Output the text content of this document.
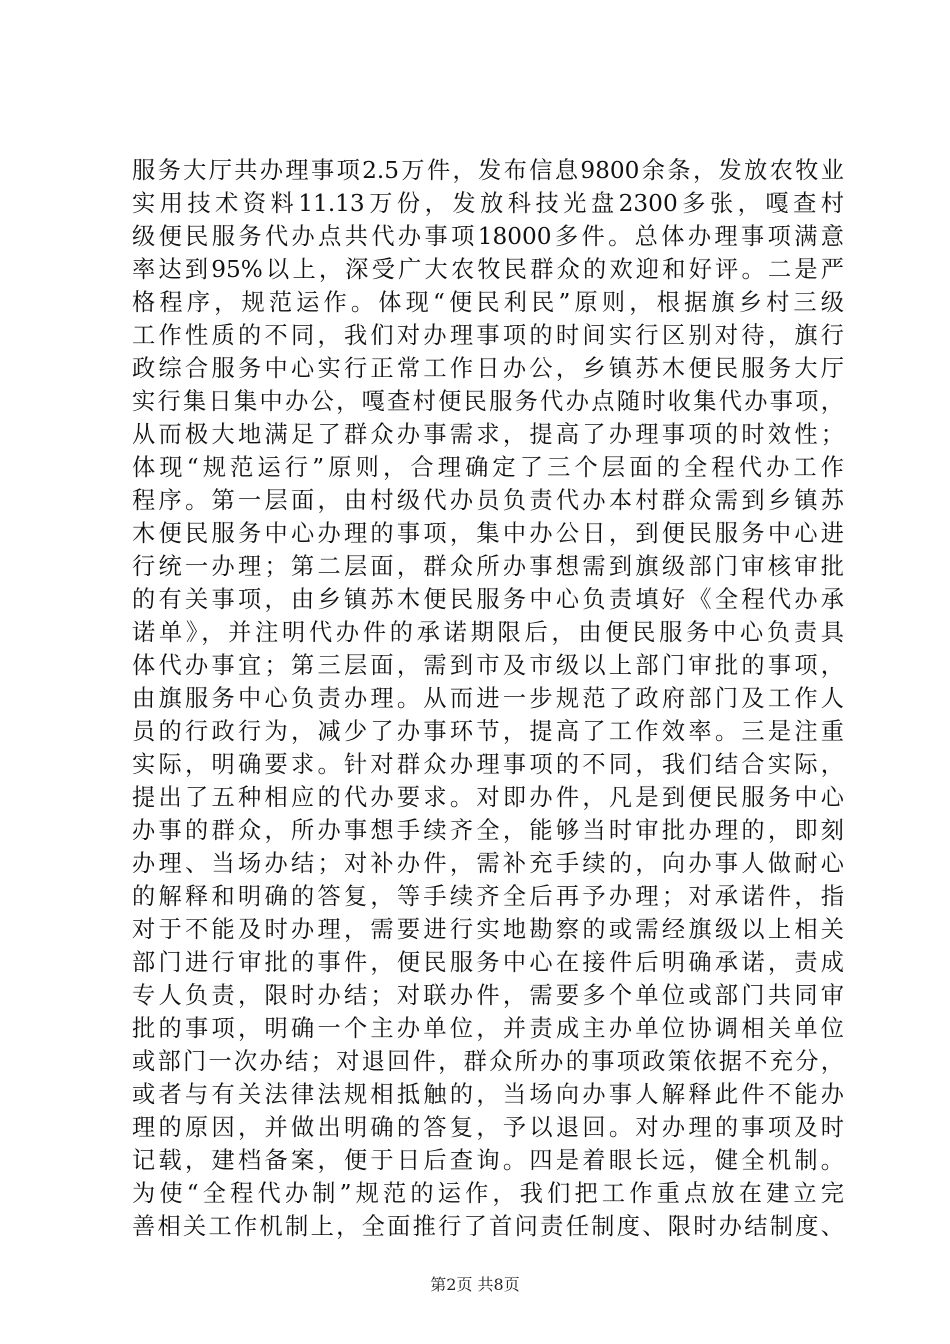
服务大厅共办理事项2.5万件，发布信息9800余条，发放农牧业
实用技术资料11.13万份，发放科技光盘2300多张，嘎查村
级便民服务代办点共代办事项18000多件。总体办理事项满意
率达到95%以上，深受广大农牧民群众的欢迎和好评。二是严
格程序，规范运作。体现“便民利民”原则，根据旗乡村三级
工作性质的不同，我们对办理事项的时间实行区别对待，旗行
政综合服务中心实行正常工作日办公，乡镇苏木便民服务大厅
实行集日集中办公，嘎查村便民服务代办点随时收集代办事项，
从而极大地满足了群众办事需求，提高了办理事项的时效性；
体现“规范运行”原则，合理确定了三个层面的全程代办工作
程序。第一层面，由村级代办员负责代办本村群众需到乡镇苏
木便民服务中心办理的事项，集中办公日，到便民服务中心进
行统一办理；第二层面，群众所办事想需到旗级部门审核审批
的有关事项，由乡镇苏木便民服务中心负责填好《全程代办承
诺单》，并注明代办件的承诺期限后，由便民服务中心负责具
体代办事宜；第三层面，需到市及市级以上部门审批的事项，
由旗服务中心负责办理。从而进一步规范了政府部门及工作人
员的行政行为，减少了办事环节，提高了工作效率。三是注重
实际，明确要求。针对群众办理事项的不同，我们结合实际，
提出了五种相应的代办要求。对即办件，凡是到便民服务中心
办事的群众，所办事想手续齐全，能够当时审批办理的，即刻
办理、当场办结；对补办件，需补充手续的，向办事人做耐心
的解释和明确的答复，等手续齐全后再予办理；对承诺件，指
对于不能及时办理，需要进行实地勘察的或需经旗级以上相关
部门进行审批的事件，便民服务中心在接件后明确承诺，责成
专人负责，限时办结；对联办件，需要多个单位或部门共同审
批的事项，明确一个主办单位，并责成主办单位协调相关单位
或部门一次办结；对退回件，群众所办的事项政策依据不充分，
或者与有关法律法规相抵触的，当场向办事人解释此件不能办
理的原因，并做出明确的答复，予以退回。对办理的事项及时
记载，建档备案，便于日后查询。四是着眼长远，健全机制。
为使“全程代办制”规范的运作，我们把工作重点放在建立完
善相关工作机制上，全面推行了首问责任制度、限时办结制度、
第2页 共8页
